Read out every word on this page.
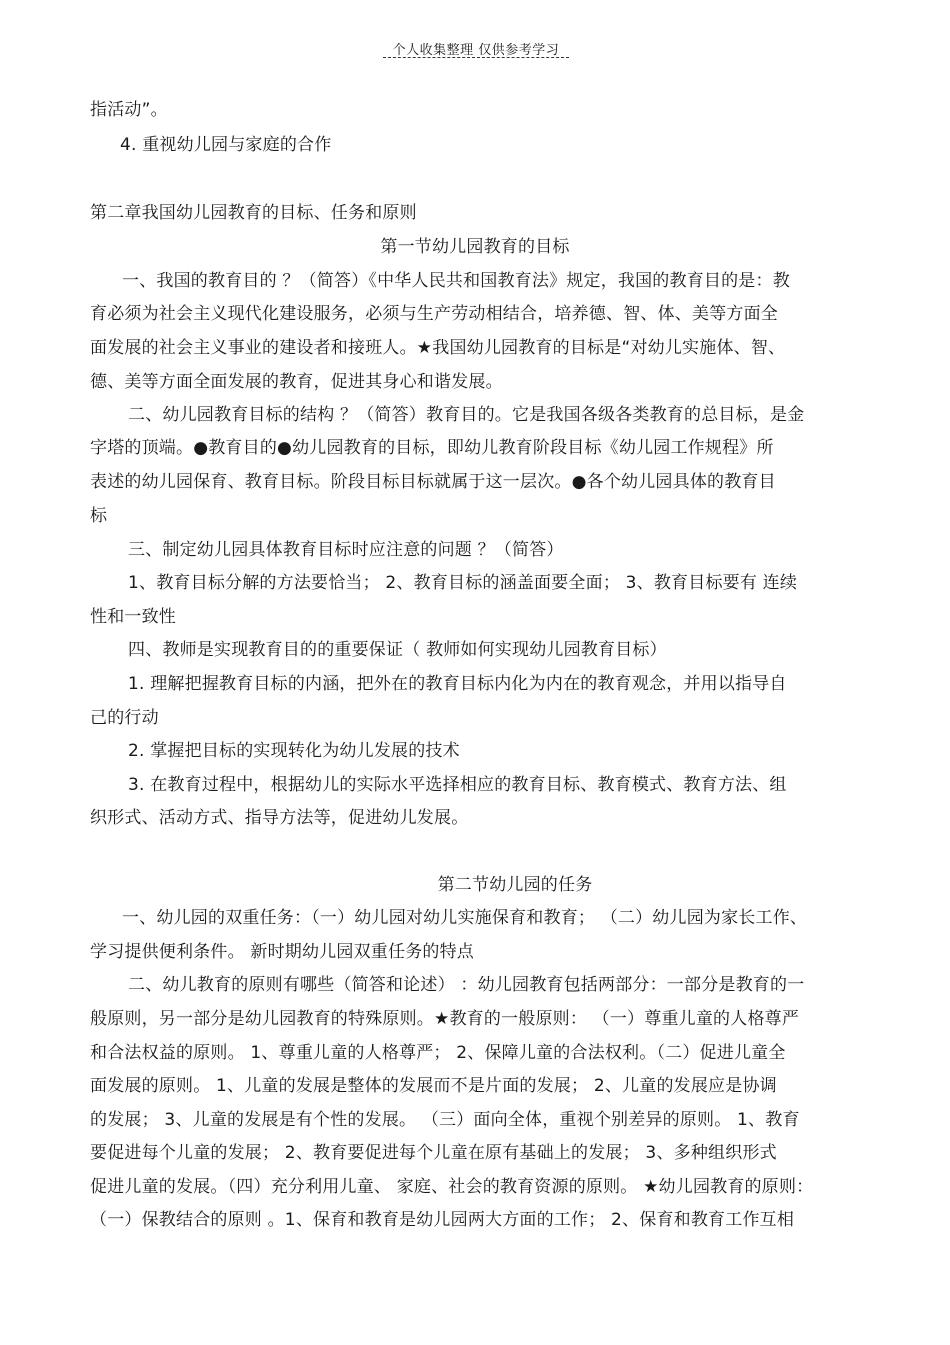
个人收集整理 仅供参考学习
指活动”。
4. 重视幼儿园与家庭的合作
第二章我国幼儿园教育的目标、任务和原则
第一节幼儿园教育的目标
一、我国的教育目的 ？（简答）《中华人民共和国教育法》规定，我国的教育目的是：教
育必须为社会主义现代化建设服务，必须与生产劳动相结合，培养德、智、体、美等方面全
面发展的社会主义事业的建设者和接班人。★我国幼儿园教育的目标是“对幼儿实施体、智、
德、美等方面全面发展的教育，促进其身心和谐发展。
二、幼儿园教育目标的结构 ？（简答）教育目的。它是我国各级各类教育的总目标，是金
字塔的顶端。●教育目的●幼儿园教育的目标，即幼儿教育阶段目标《幼儿园工作规程》所
表述的幼儿园保育、教育目标。阶段目标目标就属于这一层次。●各个幼儿园具体的教育目
标
三、制定幼儿园具体教育目标时应注意的问题 ？（简答）
1、教育目标分解的方法要恰当； 2、教育目标的涵盖面要全面； 3、教育目标要有 连续
性和一致性
四、教师是实现教育目的的重要保证（ 教师如何实现幼儿园教育目标）
1. 理解把握教育目标的内涵，把外在的教育目标内化为内在的教育观念，并用以指导自
己的行动
2. 掌握把目标的实现转化为幼儿发展的技术
3. 在教育过程中，根据幼儿的实际水平选择相应的教育目标、教育模式、教育方法、组
织形式、活动方式、指导方法等，促进幼儿发展。
第二节幼儿园的任务
一、幼儿园的双重任务：（一）幼儿园对幼儿实施保育和教育； （二）幼儿园为家长工作、
学习提供便利条件。 新时期幼儿园双重任务的特点
二、幼儿教育的原则有哪些（简答和论述） ：幼儿园教育包括两部分：一部分是教育的一
般原则，另一部分是幼儿园教育的特殊原则。★教育的一般原则： （一）尊重儿童的人格尊严
和合法权益的原则。 1、尊重儿童的人格尊严； 2、保障儿童的合法权利。（二）促进儿童全
面发展的原则。 1、儿童的发展是整体的发展而不是片面的发展； 2、儿童的发展应是协调
的发展； 3、儿童的发展是有个性的发展。 （三）面向全体，重视个别差异的原则。 1、教育
要促进每个儿童的发展； 2、教育要促进每个儿童在原有基础上的发展； 3、多种组织形式
促进儿童的发展。（四）充分利用儿童、 家庭、社会的教育资源的原则。 ★幼儿园教育的原则：
（一）保教结合的原则 。1、保育和教育是幼儿园两大方面的工作； 2、保育和教育工作互相
